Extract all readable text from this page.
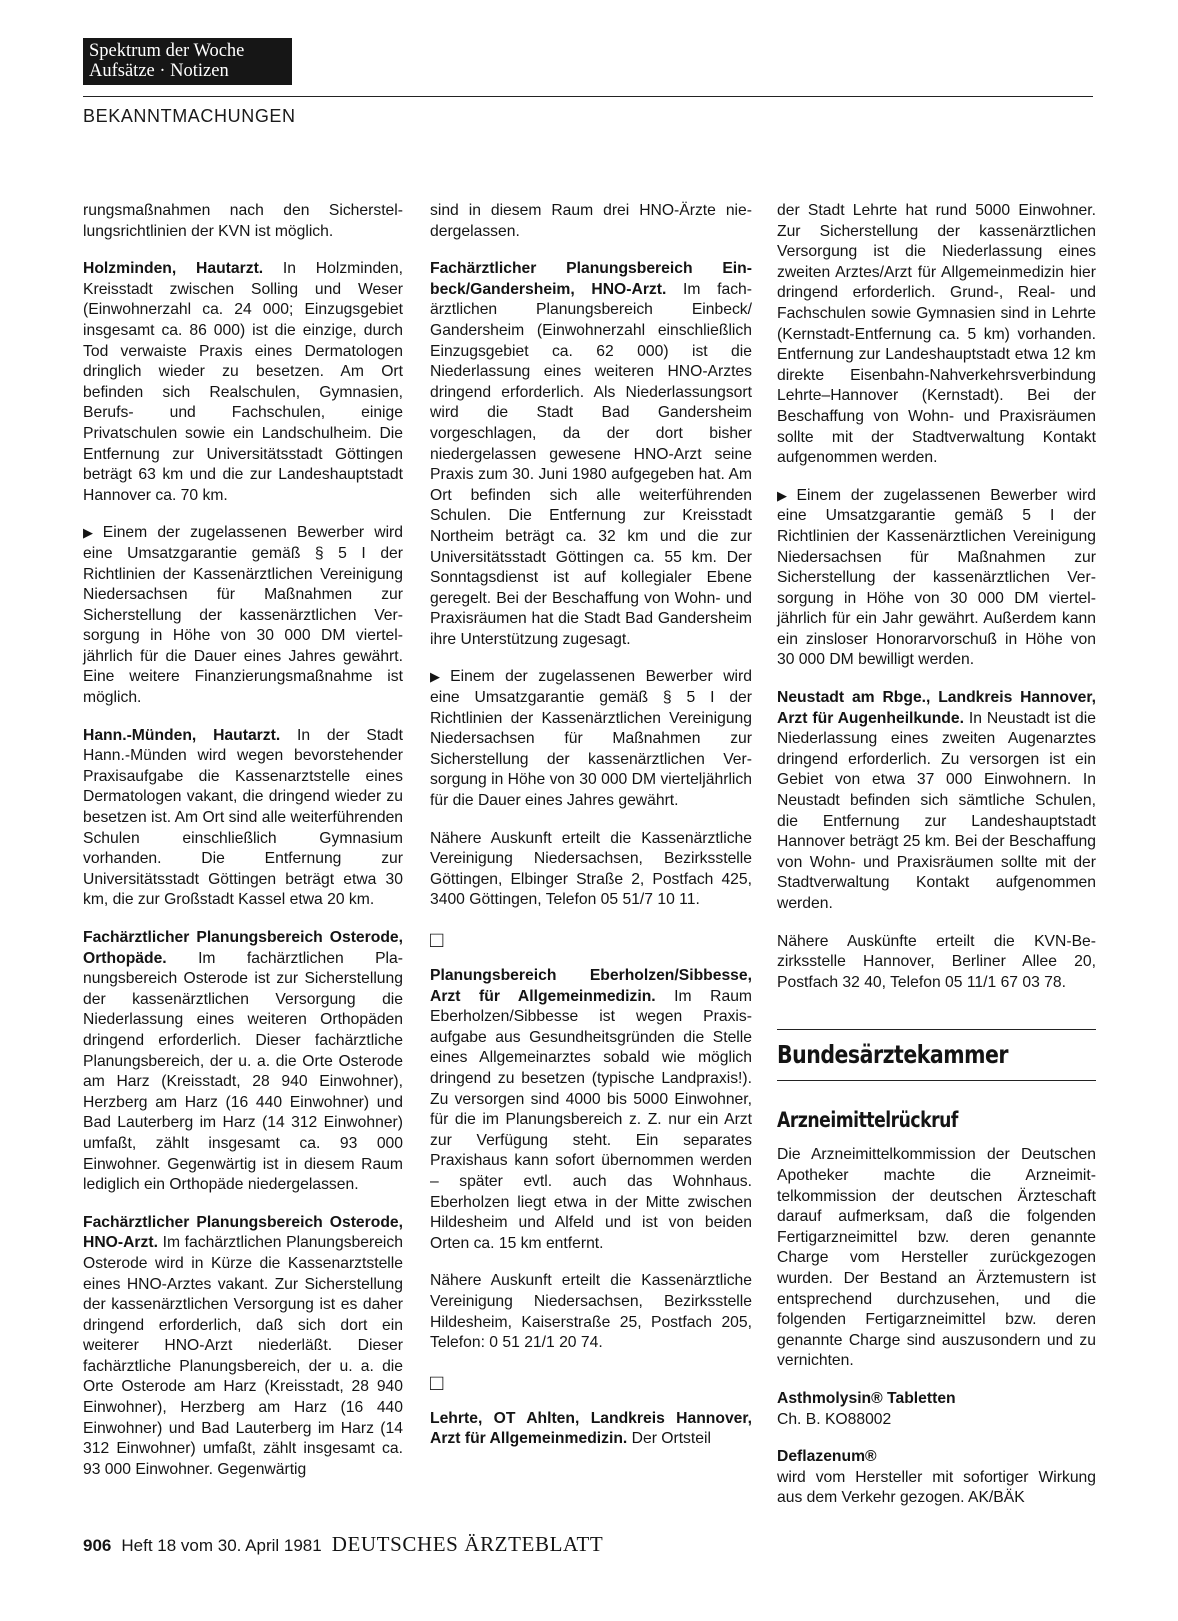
Spektrum der Woche
Aufsätze · Notizen
BEKANNTMACHUNGEN

rungsmaßnahmen nach den Sicherstellungsrichtlinien der KVN ist möglich.

Holzminden, Hautarzt. In Holzminden, Kreisstadt zwischen Solling und Weser (Einwohnerzahl ca. 24 000; Einzugsgebiet insgesamt ca. 86 000) ist die einzige, durch Tod verwaiste Praxis eines Dermatologen dringlich wieder zu besetzen. Am Ort befinden sich Realschulen, Gymnasien, Berufs- und Fachschulen, einige Privatschulen sowie ein Landschulheim. Die Entfernung zur Universitätsstadt Göttingen beträgt 63 km und die zur Landeshauptstadt Hannover ca. 70 km.

▶ Einem der zugelassenen Bewerber wird eine Umsatzgarantie gemäß § 5 I der Richtlinien der Kassenärztlichen Vereinigung Niedersachsen für Maßnahmen zur Sicherstellung der kassenärztlichen Versorgung in Höhe von 30 000 DM vierteljährlich für die Dauer eines Jahres gewährt. Eine weitere Finanzierungsmaßnahme ist möglich.

Hann.-Münden, Hautarzt. In der Stadt Hann.-Münden wird wegen bevorstehender Praxisaufgabe die Kassenarztstelle eines Dermatologen vakant, die dringend wieder zu besetzen ist. Am Ort sind alle weiterführenden Schulen einschließlich Gymnasium vorhanden. Die Entfernung zur Universitätsstadt Göttingen beträgt etwa 30 km, die zur Großstadt Kassel etwa 20 km.

Fachärztlicher Planungsbereich Osterode, Orthopäde. Im fachärztlichen Planungsbereich Osterode ist zur Sicherstellung der kassenärztlichen Versorgung die Niederlassung eines weiteren Orthopäden dringend erforderlich. Dieser fachärztliche Planungsbereich, der u. a. die Orte Osterode am Harz (Kreisstadt, 28 940 Einwohner), Herzberg am Harz (16 440 Einwohner) und Bad Lauterberg im Harz (14 312 Einwohner) umfaßt, zählt insgesamt ca. 93 000 Einwohner. Gegenwärtig ist in diesem Raum lediglich ein Orthopäde niedergelassen.

Fachärztlicher Planungsbereich Osterode, HNO-Arzt. Im fachärztlichen Planungsbereich Osterode wird in Kürze die Kassenarztstelle eines HNO-Arztes vakant. Zur Sicherstellung der kassenärztlichen Versorgung ist es daher dringend erforderlich, daß sich dort ein weiterer HNO-Arzt niederläßt. Dieser fachärztliche Planungsbereich, der u. a. die Orte Osterode am Harz (Kreisstadt, 28 940 Einwohner), Herzberg am Harz (16 440 Einwohner) und Bad Lauterberg im Harz (14 312 Einwohner) umfaßt, zählt insgesamt ca. 93 000 Einwohner. Gegenwärtig

sind in diesem Raum drei HNO-Ärzte niedergelassen.

Fachärztlicher Planungsbereich Einbeck/Gandersheim, HNO-Arzt. Im fachärztlichen Planungsbereich Einbeck/ Gandersheim (Einwohnerzahl einschließlich Einzugsgebiet ca. 62 000) ist die Niederlassung eines weiteren HNO-Arztes dringend erforderlich. Als Niederlassungsort wird die Stadt Bad Gandersheim vorgeschlagen, da der dort bisher niedergelassen gewesene HNO-Arzt seine Praxis zum 30. Juni 1980 aufgegeben hat. Am Ort befinden sich alle weiterführenden Schulen. Die Entfernung zur Kreisstadt Northeim beträgt ca. 32 km und die zur Universitätsstadt Göttingen ca. 55 km. Der Sonntagsdienst ist auf kollegialer Ebene geregelt. Bei der Beschaffung von Wohn- und Praxisräumen hat die Stadt Bad Gandersheim ihre Unterstützung zugesagt.

▶ Einem der zugelassenen Bewerber wird eine Umsatzgarantie gemäß § 5 I der Richtlinien der Kassenärztlichen Vereinigung Niedersachsen für Maßnahmen zur Sicherstellung der kassenärztlichen Versorgung in Höhe von 30 000 DM vierteljährlich für die Dauer eines Jahres gewährt.

Nähere Auskunft erteilt die Kassenärztliche Vereinigung Niedersachsen, Bezirksstelle Göttingen, Elbinger Straße 2, Postfach 425, 3400 Göttingen, Telefon 05 51/7 10 11.

□

Planungsbereich Eberholzen/Sibbesse, Arzt für Allgemeinmedizin. Im Raum Eberholzen/Sibbesse ist wegen Praxisaufgabe aus Gesundheitsgründen die Stelle eines Allgemeinarztes sobald wie möglich dringend zu besetzen (typische Landpraxis!). Zu versorgen sind 4000 bis 5000 Einwohner, für die im Planungsbereich z. Z. nur ein Arzt zur Verfügung steht. Ein separates Praxishaus kann sofort übernommen werden – später evtl. auch das Wohnhaus. Eberholzen liegt etwa in der Mitte zwischen Hildesheim und Alfeld und ist von beiden Orten ca. 15 km entfernt.

Nähere Auskunft erteilt die Kassenärztliche Vereinigung Niedersachsen, Bezirksstelle Hildesheim, Kaiserstraße 25, Postfach 205, Telefon: 0 51 21/1 20 74.

□

Lehrte, OT Ahlten, Landkreis Hannover, Arzt für Allgemeinmedizin. Der Ortsteil

der Stadt Lehrte hat rund 5000 Einwohner. Zur Sicherstellung der kassenärztlichen Versorgung ist die Niederlassung eines zweiten Arztes/Arzt für Allgemeinmedizin hier dringend erforderlich. Grund-, Real- und Fachschulen sowie Gymnasien sind in Lehrte (Kernstadt-Entfernung ca. 5 km) vorhanden. Entfernung zur Landeshauptstadt etwa 12 km direkte Eisenbahn-Nahverkehrsverbindung Lehrte–Hannover (Kernstadt). Bei der Beschaffung von Wohn- und Praxisräumen sollte mit der Stadtverwaltung Kontakt aufgenommen werden.

▶ Einem der zugelassenen Bewerber wird eine Umsatzgarantie gemäß 5 I der Richtlinien der Kassenärztlichen Vereinigung Niedersachsen für Maßnahmen zur Sicherstellung der kassenärztlichen Versorgung in Höhe von 30 000 DM vierteljährlich für ein Jahr gewährt. Außerdem kann ein zinsloser Honorarvorschuß in Höhe von 30 000 DM bewilligt werden.

Neustadt am Rbge., Landkreis Hannover, Arzt für Augenheilkunde. In Neustadt ist die Niederlassung eines zweiten Augenarztes dringend erforderlich. Zu versorgen ist ein Gebiet von etwa 37 000 Einwohnern. In Neustadt befinden sich sämtliche Schulen, die Entfernung zur Landeshauptstadt Hannover beträgt 25 km. Bei der Beschaffung von Wohn- und Praxisräumen sollte mit der Stadtverwaltung Kontakt aufgenommen werden.

Nähere Auskünfte erteilt die KVN-Bezirksstelle Hannover, Berliner Allee 20, Postfach 32 40, Telefon 05 11/1 67 03 78.

Bundesärztekammer
Arzneimittelrückruf

Die Arzneimittelkommission der Deutschen Apotheker machte die Arzneimittelkommission der deutschen Ärzteschaft darauf aufmerksam, daß die folgenden Fertigarzneimittel bzw. deren genannte Charge vom Hersteller zurückgezogen wurden. Der Bestand an Ärztemustern ist entsprechend durchzusehen, und die folgenden Fertigarzneimittel bzw. deren genannte Charge sind auszusondern und zu vernichten.

Asthmolysin® Tabletten
Ch. B. KO88002

Deflazenum®
wird vom Hersteller mit sofortiger Wirkung aus dem Verkehr gezogen. AK/BÄK

906 Heft 18 vom 30. April 1981 DEUTSCHES ÄRZTEBLATT
